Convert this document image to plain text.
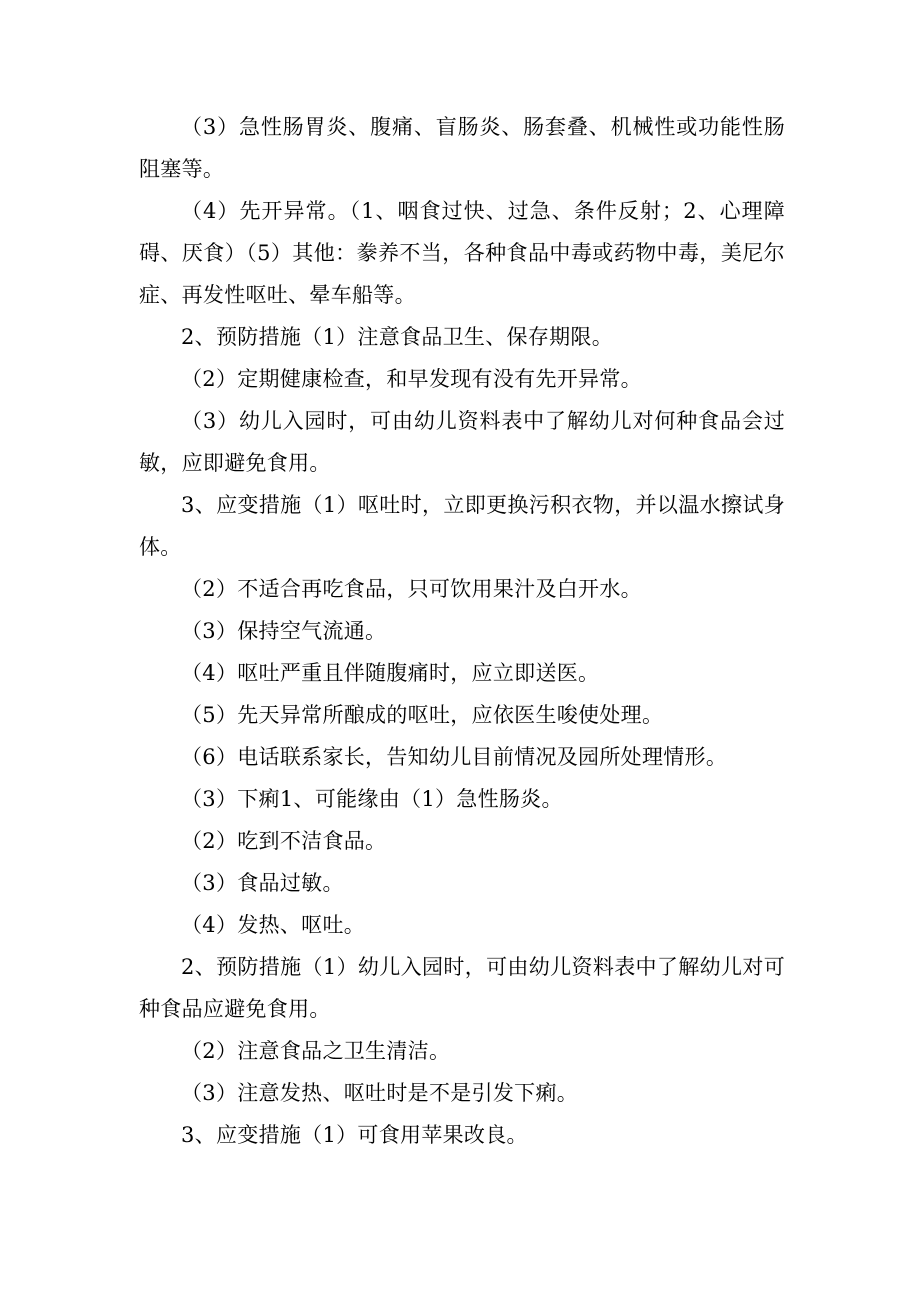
（3）急性肠胃炎、腹痛、盲肠炎、肠套叠、机械性或功能性肠阻塞等。

（4）先开异常。（1、咽食过快、过急、条件反射；2、心理障碍、厌食）（5）其他：豢养不当，各种食品中毒或药物中毒，美尼尔症、再发性呕吐、晕车船等。

2、预防措施（1）注意食品卫生、保存期限。

（2）定期健康检查，和早发现有没有先开异常。

（3）幼儿入园时，可由幼儿资料表中了解幼儿对何种食品会过敏，应即避免食用。

3、应变措施（1）呕吐时，立即更换污积衣物，并以温水擦试身体。

（2）不适合再吃食品，只可饮用果汁及白开水。

（3）保持空气流通。

（4）呕吐严重且伴随腹痛时，应立即送医。

（5）先天异常所酿成的呕吐，应依医生唆使处理。

（6）电话联系家长，告知幼儿目前情况及园所处理情形。

（3）下痢1、可能缘由（1）急性肠炎。

（2）吃到不洁食品。

（3）食品过敏。

（4）发热、呕吐。

2、预防措施（1）幼儿入园时，可由幼儿资料表中了解幼儿对可种食品应避免食用。

（2）注意食品之卫生清洁。

（3）注意发热、呕吐时是不是引发下痢。

3、应变措施（1）可食用苹果改良。
